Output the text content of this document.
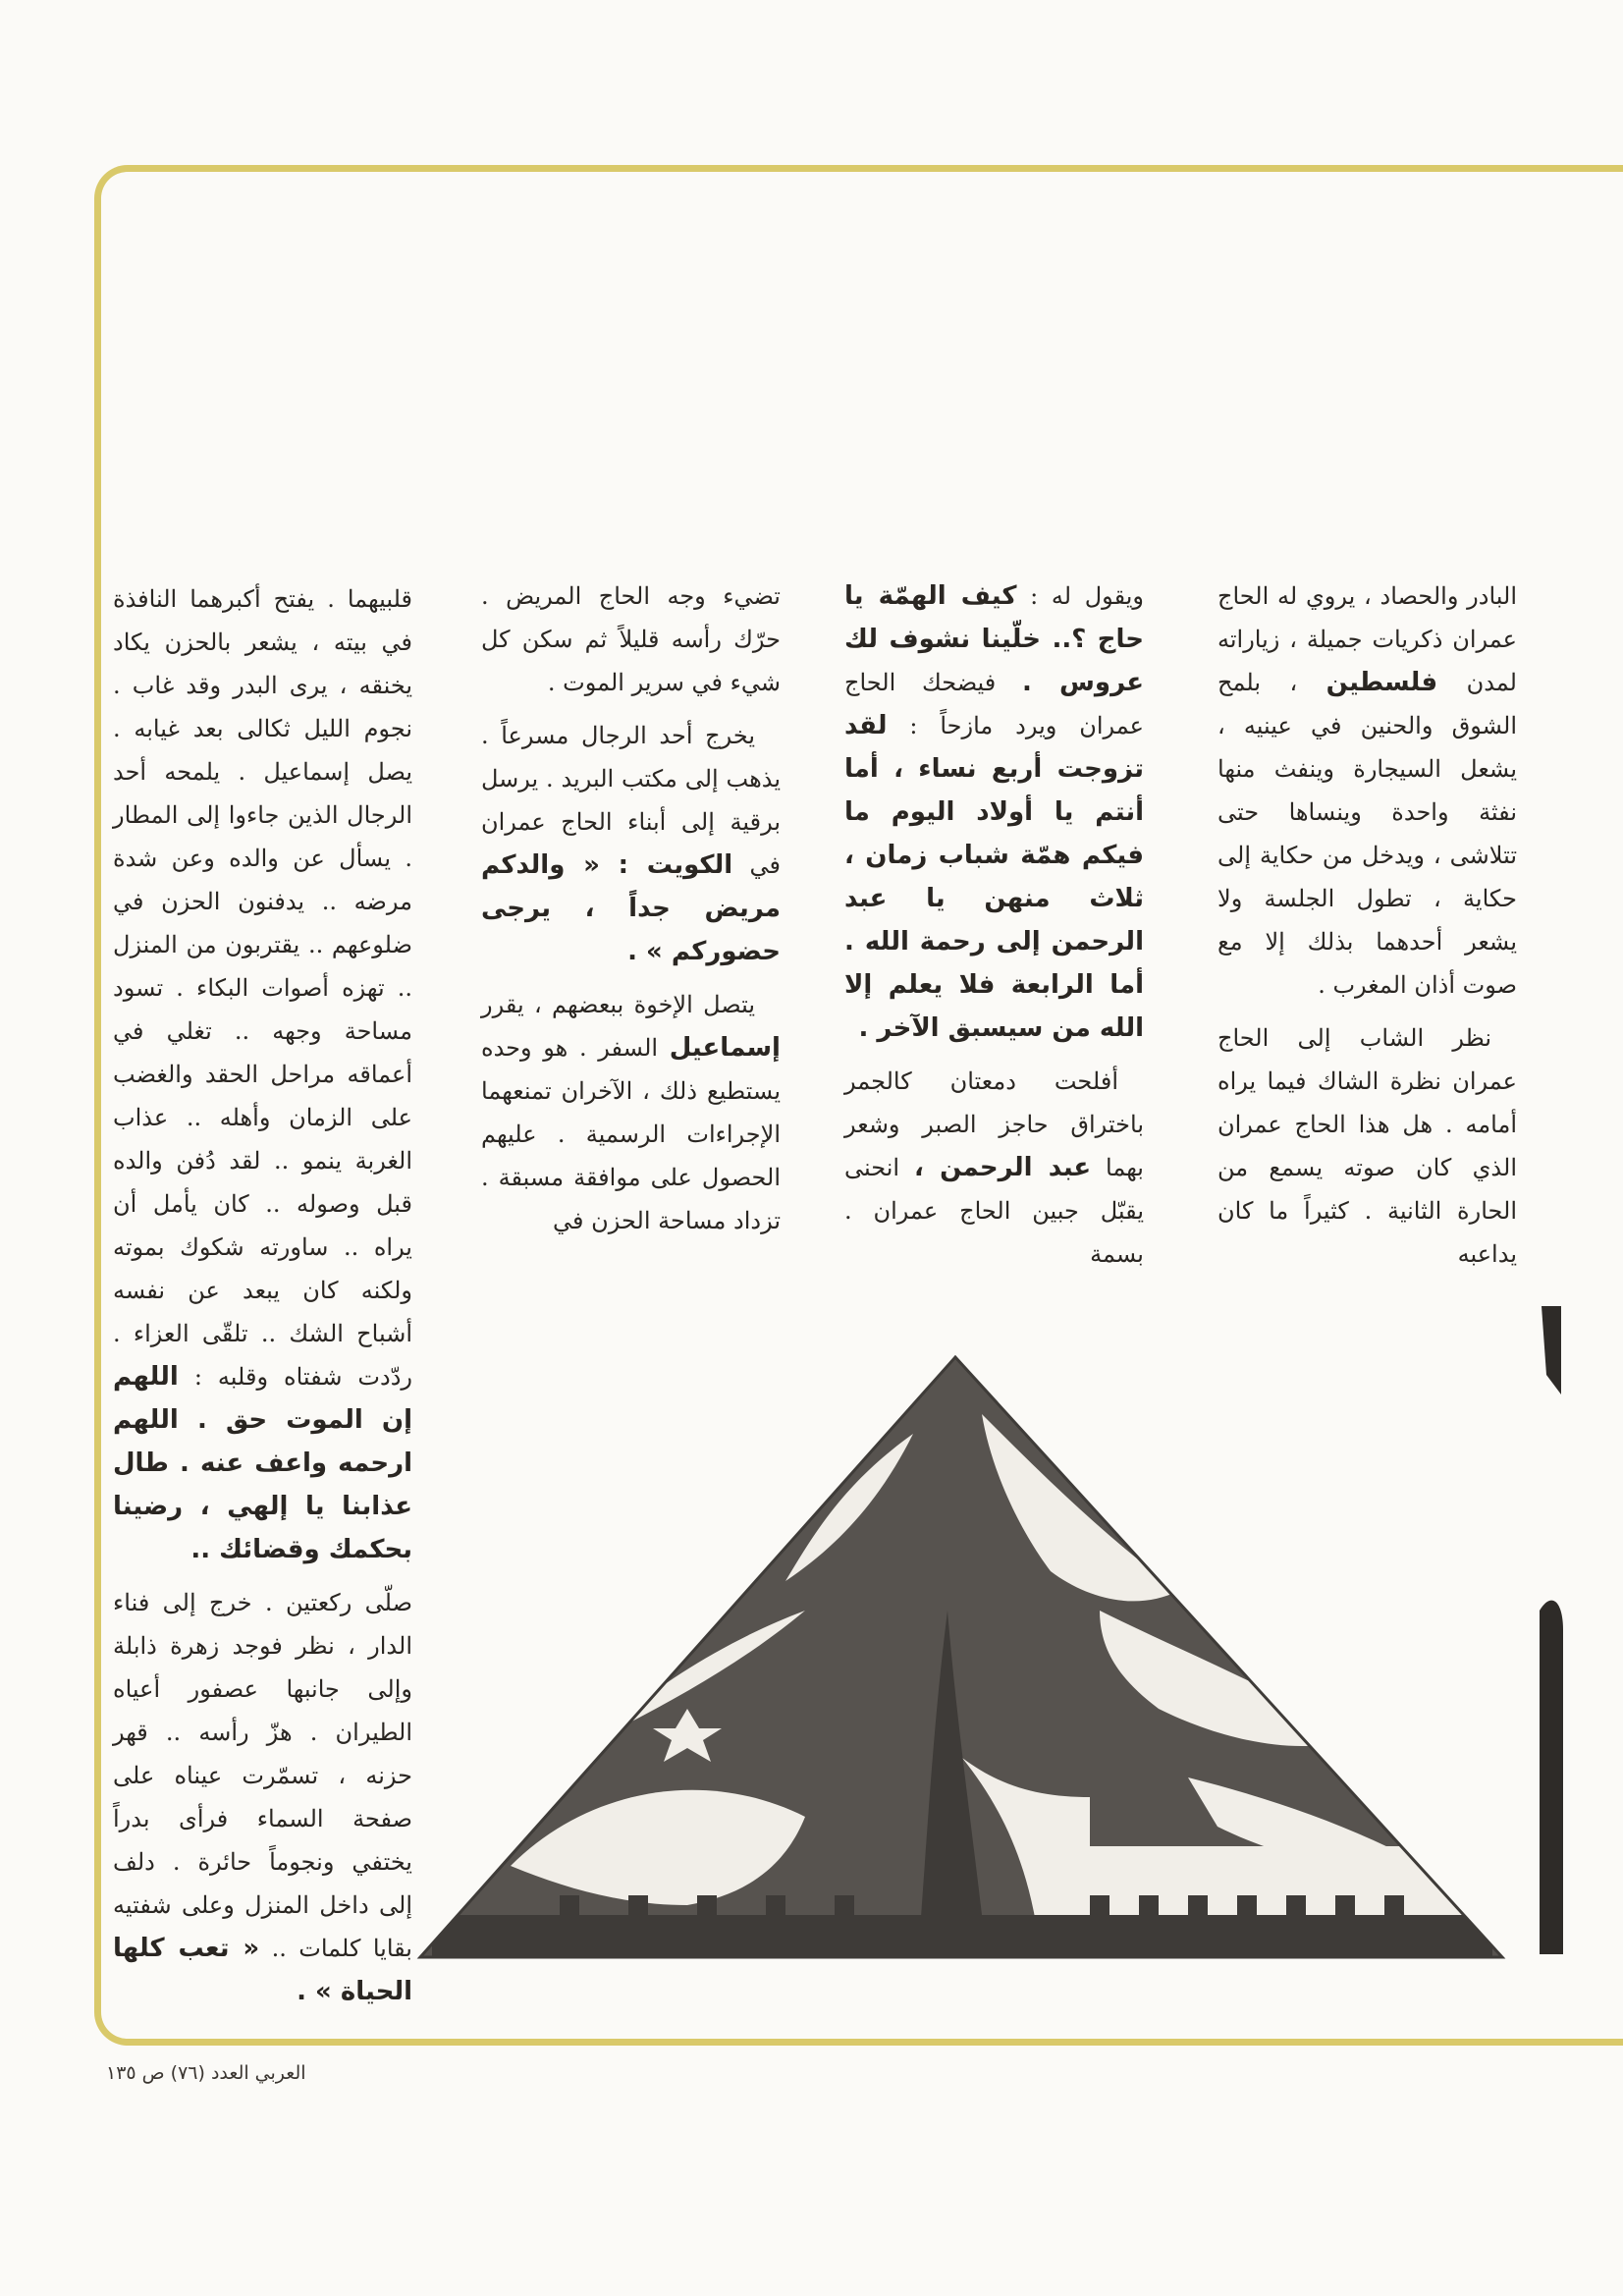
البادر والحصاد ، يروي له الحاج عمران ذكريات جميلة ، زياراته لمدن فلسطين ، بلمح الشوق والحنين في عينيه ، يشعل السيجارة وينفث منها نفثة واحدة وينساها حتى تتلاشى ، ويدخل من حكاية إلى حكاية ، تطول الجلسة ولا يشعر أحدهما بذلك إلا مع صوت أذان المغرب .

نظر الشاب إلى الحاج عمران نظرة الشاك فيما يراه أمامه . هل هذا الحاج عمران الذي كان صوته يسمع من الحارة الثانية . كثيراً ما كان يداعبه

ويقول له : كيف الهمّة يا حاج ؟.. خلّينا نشوف لك عروس . فيضحك الحاج عمران ويرد مازحاً : لقد تزوجت أربع نساء ، أما أنتم يا أولاد اليوم ما فيكم همّة شباب زمان ، ثلاث منهن يا عبد الرحمن إلى رحمة الله . أما الرابعة فلا يعلم إلا الله من سيسبق الآخر .

أفلحت دمعتان كالجمر باختراق حاجز الصبر وشعر بهما عبد الرحمن ، انحنى يقبّل جبين الحاج عمران . بسمة

تضيء وجه الحاج المريض . حرّك رأسه قليلاً ثم سكن كل شيء في سرير الموت .

يخرج أحد الرجال مسرعاً . يذهب إلى مكتب البريد . يرسل برقية إلى أبناء الحاج عمران في الكويت : « والدكم مريض جداً ، يرجى حضوركم » .

يتصل الإخوة ببعضهم ، يقرر إسماعيل السفر . هو وحده يستطيع ذلك ، الآخران تمنعهما الإجراءات الرسمية . عليهم الحصول على موافقة مسبقة . تزداد مساحة الحزن في

قلبيهما . يفتح أكبرهما النافذة في بيته ، يشعر بالحزن يكاد يخنقه ، يرى البدر وقد غاب . نجوم الليل ثكالى بعد غيابه . يصل إسماعيل . يلمحه أحد الرجال الذين جاءوا إلى المطار . يسأل عن والده وعن شدة مرضه .. يدفنون الحزن في ضلوعهم .. يقتربون من المنزل .. تهزه أصوات البكاء . تسود مساحة وجهه .. تغلي في أعماقه مراحل الحقد والغضب على الزمان وأهله .. عذاب الغربة ينمو .. لقد دُفن والده قبل وصوله .. كان يأمل أن يراه .. ساورته شكوك بموته ولكنه كان يبعد عن نفسه أشباح الشك .. تلقّى العزاء . ردّدت شفتاه وقلبه : اللهم إن الموت حق . اللهم ارحمه واعف عنه . طال عذابنا يا إلهي ، رضينا بحكمك وقضائك ..

صلّى ركعتين . خرج إلى فناء الدار ، نظر فوجد زهرة ذابلة وإلى جانبها عصفور أعياه الطيران . هزّ رأسه .. قهر حزنه ، تسمّرت عيناه على صفحة السماء فرأى بدراً يختفي ونجوماً حائرة . دلف إلى داخل المنزل وعلى شفتيه بقايا كلمات .. « تعب كلها الحياة » .

العربي العدد (٧٦) ص ١٣٥
